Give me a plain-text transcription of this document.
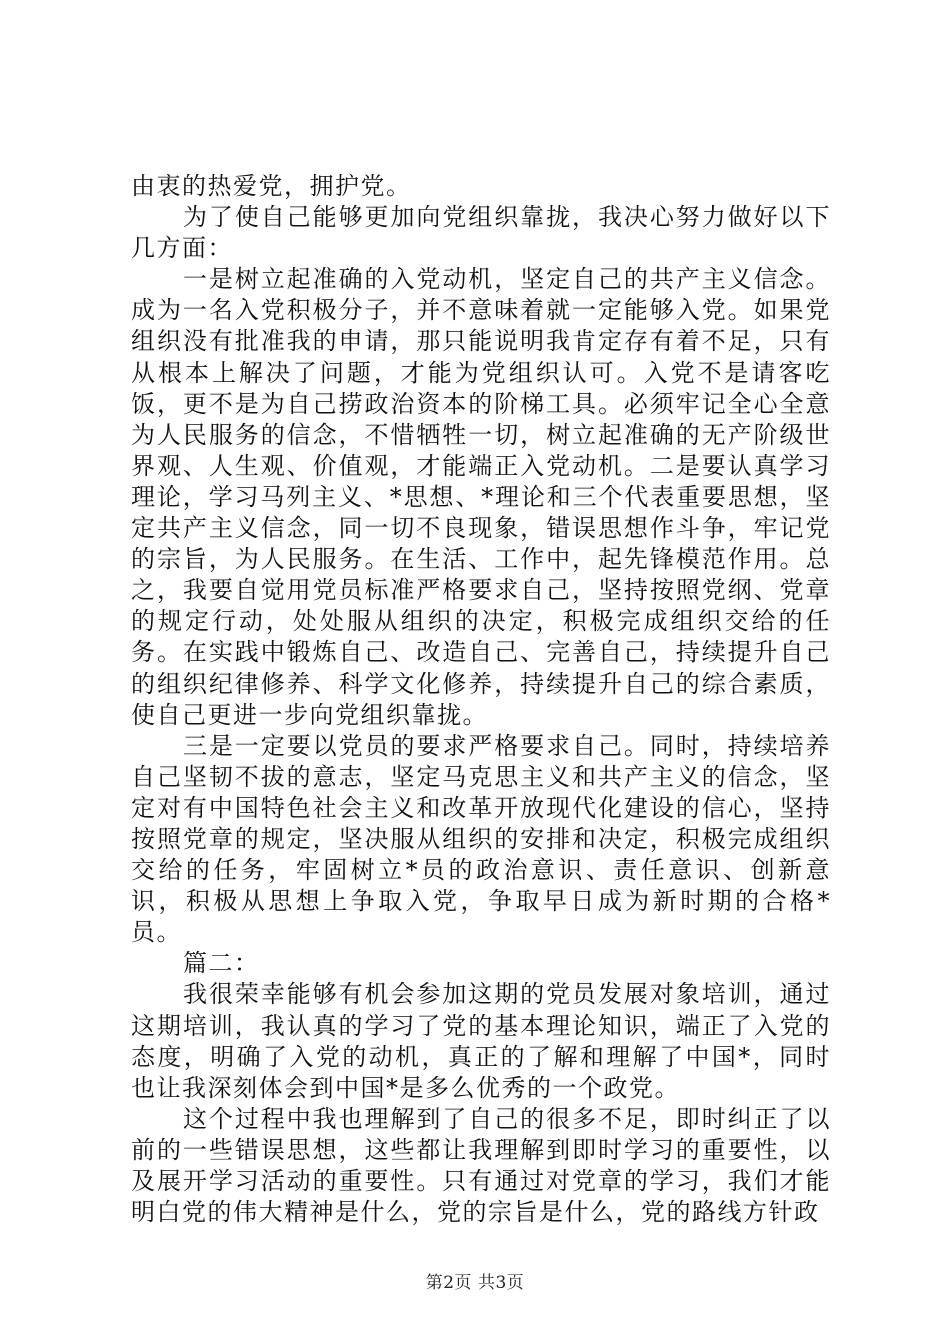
由衷的热爱党，拥护党。

为了使自己能够更加向党组织靠拢，我决心努力做好以下几方面：

一是树立起准确的入党动机，坚定自己的共产主义信念。成为一名入党积极分子，并不意味着就一定能够入党。如果党组织没有批准我的申请，那只能说明我肯定存有着不足，只有从根本上解决了问题，才能为党组织认可。入党不是请客吃饭，更不是为自己捞政治资本的阶梯工具。必须牢记全心全意为人民服务的信念，不惜牺牲一切，树立起准确的无产阶级世界观、人生观、价值观，才能端正入党动机。二是要认真学习理论，学习马列主义、*思想、*理论和三个代表重要思想，坚定共产主义信念，同一切不良现象，错误思想作斗争，牢记党的宗旨，为人民服务。在生活、工作中，起先锋模范作用。总之，我要自觉用党员标准严格要求自己，坚持按照党纲、党章的规定行动，处处服从组织的决定，积极完成组织交给的任务。在实践中锻炼自己、改造自己、完善自己，持续提升自己的组织纪律修养、科学文化修养，持续提升自己的综合素质，使自己更进一步向党组织靠拢。

三是一定要以党员的要求严格要求自己。同时，持续培养自己坚韧不拔的意志，坚定马克思主义和共产主义的信念，坚定对有中国特色社会主义和改革开放现代化建设的信心，坚持按照党章的规定，坚决服从组织的安排和决定，积极完成组织交给的任务，牢固树立*员的政治意识、责任意识、创新意识，积极从思想上争取入党，争取早日成为新时期的合格*员。

篇二：

我很荣幸能够有机会参加这期的党员发展对象培训，通过这期培训，我认真的学习了党的基本理论知识，端正了入党的态度，明确了入党的动机，真正的了解和理解了中国*，同时也让我深刻体会到中国*是多么优秀的一个政党。

这个过程中我也理解到了自己的很多不足，即时纠正了以前的一些错误思想，这些都让我理解到即时学习的重要性，以及展开学习活动的重要性。只有通过对党章的学习，我们才能明白党的伟大精神是什么，党的宗旨是什么，党的路线方针政

第2页 共3页
